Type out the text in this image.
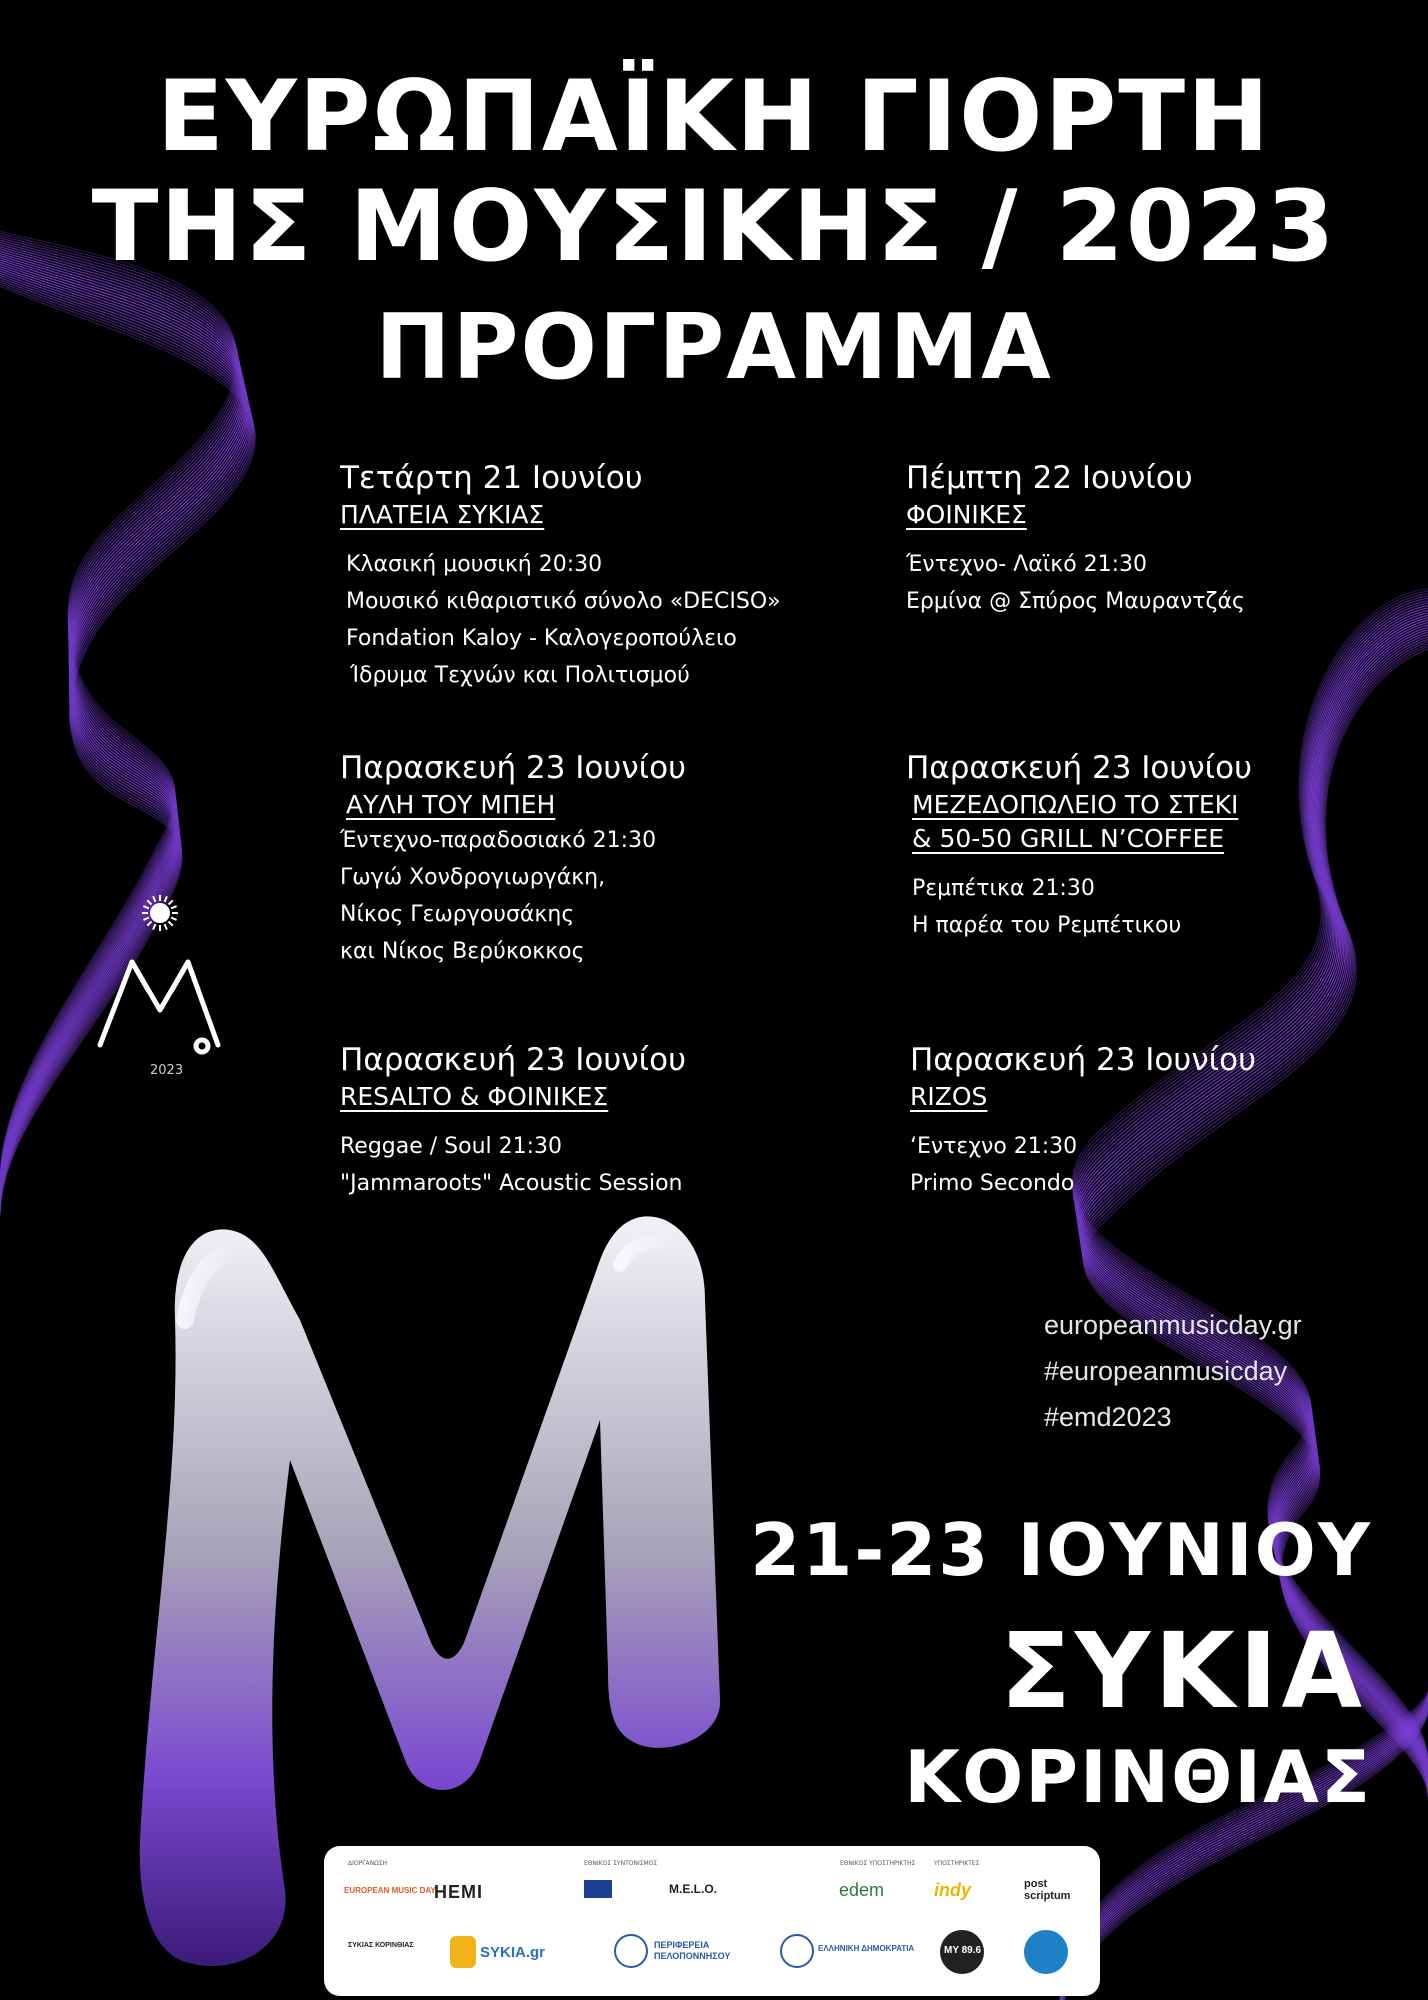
ΕΥΡΩΠΑΪΚΗ ΓΙΟΡΤΗ
ΤΗΣ ΜΟΥΣΙΚΗΣ / 2023
ΠΡΟΓΡΑΜΜΑ
Τετάρτη 21 Ιουνίου
ΠΛΑΤΕΙΑ ΣΥΚΙΑΣ
Κλασική μουσική 20:30
Μουσικό κιθαριστικό σύνολο «DECISO»
Fondation Kaloy - Καλογεροπούλειο
Ίδρυμα Τεχνών και Πολιτισμού
Πέμπτη 22 Ιουνίου
ΦΟΙΝΙΚΕΣ
Έντεχνο- Λαϊκό 21:30
Ερμίνα @ Σπύρος Μαυραντζάς
Παρασκευή 23 Ιουνίου
ΑΥΛΗ ΤΟΥ ΜΠΕΗ
Έντεχνο-παραδοσιακό 21:30
Γωγώ Χονδρογιωργάκη,
Νίκος Γεωργουσάκης
και Νίκος Βερύκοκκος
Παρασκευή 23 Ιουνίου
ΜΕΖΕΔΟΠΩΛΕΙΟ ΤΟ ΣΤΕΚΙ
& 50-50 GRILL N’COFFEE
Ρεμπέτικα 21:30
Η παρέα του Ρεμπέτικου
Παρασκευή 23 Ιουνίου
RESALTO & ΦΟΙΝΙΚΕΣ
Reggae / Soul 21:30
"Jammaroots" Acoustic Session
Παρασκευή 23 Ιουνίου
RIZOS
‘Εντεχνο 21:30
Primo Secondo
europeanmusicday.gr
#europeanmusicday
#emd2023
2023
21-23 ΙΟΥΝΙΟΥ
ΣΥΚΙΑ
ΚΟΡΙΝΘΙΑΣ
ΔΙΟΡΓΑΝΩΣΗ	ΕΘΝΙΚΟΣ ΣΥΝΤΟΝΙΣΜΟΣ	ΕΘΝΙΚΟΣ ΥΠΟΣΤΗΡΙΚΤΗΣ	ΥΠΟΣΤΗΡΙΚΤΕΣ
EUROPEAN MUSIC DAY
HEMI	M.E.L.O.	edem	indy	post scriptum
ΣΥΚΙΑΣ ΚΟΡΙΝΘΙΑΣ	SYKIA.gr	ΠΕΡΙΦΕΡΕΙΑ ΠΕΛΟΠΟΝΝΗΣΟΥ
ΕΛΛΗΝΙΚΗ ΔΗΜΟΚΡΑΤΙΑ	MY 89.6
